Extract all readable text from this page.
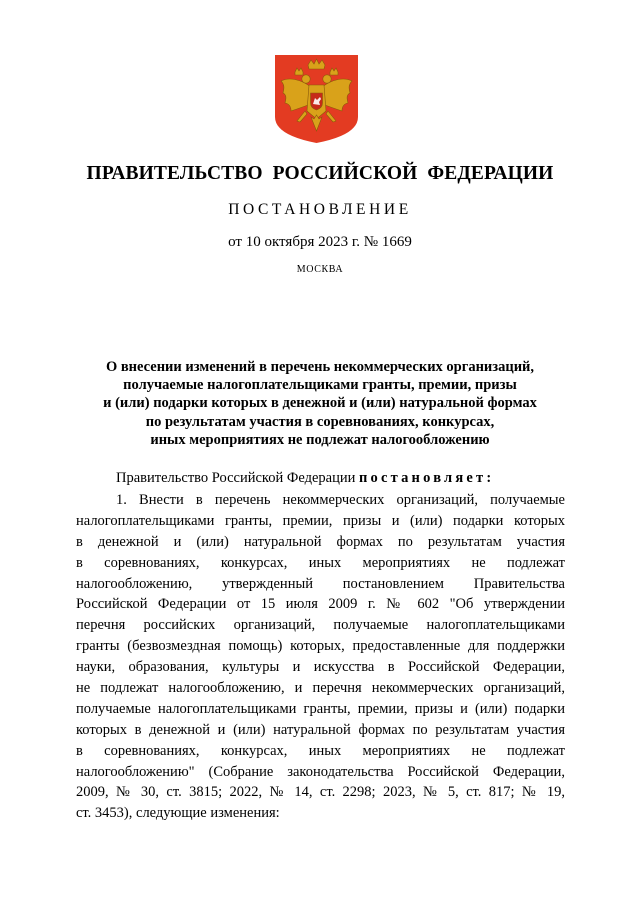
ПРАВИТЕЛЬСТВО РОССИЙСКОЙ ФЕДЕРАЦИИ
ПОСТАНОВЛЕНИЕ
от 10 октября 2023 г. № 1669
МОСКВА
О внесении изменений в перечень некоммерческих организаций,
получаемые налогоплательщиками гранты, премии, призы
и (или) подарки которых в денежной и (или) натуральной формах
по результатам участия в соревнованиях, конкурсах,
иных мероприятиях не подлежат налогообложению
Правительство Российской Федерации постановляет:
1. Внести в перечень некоммерческих организаций, получаемые
налогоплательщиками гранты, премии, призы и (или) подарки которых
в денежной и (или) натуральной формах по результатам участия
в соревнованиях, конкурсах, иных мероприятиях не подлежат
налогообложению, утвержденный постановлением Правительства
Российской Федерации от 15 июля 2009 г. № 602 "Об утверждении
перечня российских организаций, получаемые налогоплательщиками
гранты (безвозмездная помощь) которых, предоставленные для поддержки
науки, образования, культуры и искусства в Российской Федерации,
не подлежат налогообложению, и перечня некоммерческих организаций,
получаемые налогоплательщиками гранты, премии, призы и (или) подарки
которых в денежной и (или) натуральной формах по результатам участия
в соревнованиях, конкурсах, иных мероприятиях не подлежат
налогообложению" (Собрание законодательства Российской Федерации,
2009, № 30, ст. 3815; 2022, № 14, ст. 2298; 2023, № 5, ст. 817; № 19,
ст. 3453), следующие изменения:
